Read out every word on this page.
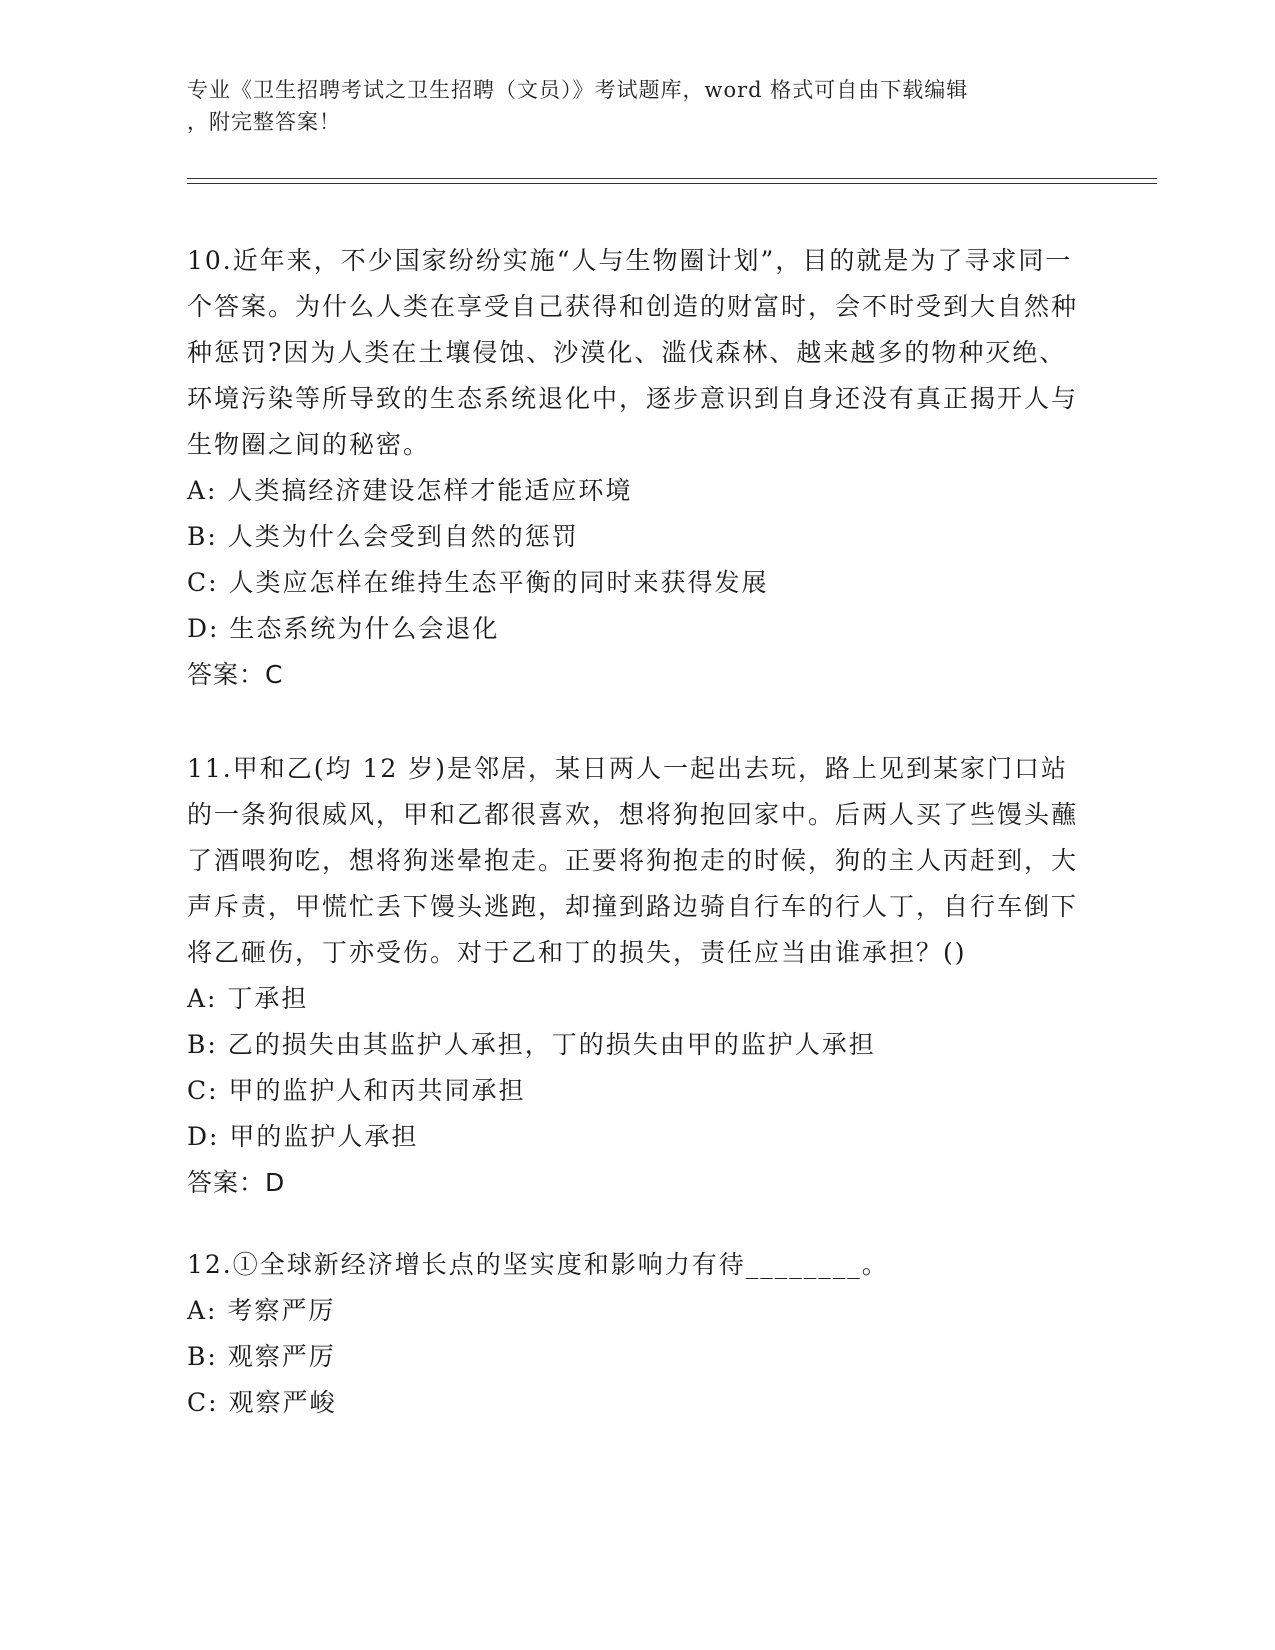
专业《卫生招聘考试之卫生招聘（文员）》考试题库，word 格式可自由下载编辑
，附完整答案！

10.近年来，不少国家纷纷实施“人与生物圈计划”，目的就是为了寻求同一个答案。为什么人类在享受自己获得和创造的财富时，会不时受到大自然种种惩罚?因为人类在土壤侵蚀、沙漠化、滥伐森林、越来越多的物种灭绝、环境污染等所导致的生态系统退化中，逐步意识到自身还没有真正揭开人与生物圈之间的秘密。

A: 人类搞经济建设怎样才能适应环境

B: 人类为什么会受到自然的惩罚

C: 人类应怎样在维持生态平衡的同时来获得发展

D: 生态系统为什么会退化

答案：C

11.甲和乙(均 12 岁)是邻居，某日两人一起出去玩，路上见到某家门口站的一条狗很威风，甲和乙都很喜欢，想将狗抱回家中。后两人买了些馒头蘸了酒喂狗吃，想将狗迷晕抱走。正要将狗抱走的时候，狗的主人丙赶到，大声斥责，甲慌忙丢下馒头逃跑，却撞到路边骑自行车的行人丁，自行车倒下将乙砸伤，丁亦受伤。对于乙和丁的损失，责任应当由谁承担？()

A: 丁承担

B: 乙的损失由其监护人承担，丁的损失由甲的监护人承担

C: 甲的监护人和丙共同承担

D: 甲的监护人承担

答案：D

12.①全球新经济增长点的坚实度和影响力有待________。

A: 考察严厉

B: 观察严厉

C: 观察严峻
